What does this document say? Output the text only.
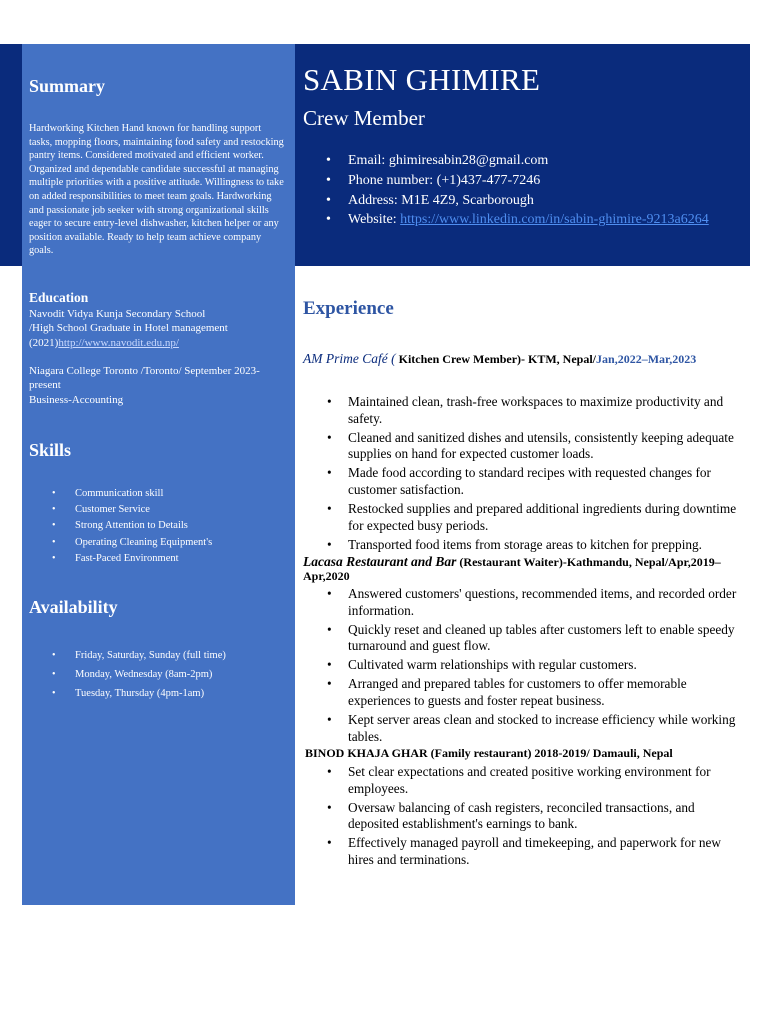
Summary
Hardworking Kitchen Hand known for handling support tasks, mopping floors, maintaining food safety and restocking pantry items. Considered motivated and efficient worker. Organized and dependable candidate successful at managing multiple priorities with a positive attitude. Willingness to take on added responsibilities to meet team goals. Hardworking and passionate job seeker with strong organizational skills eager to secure entry-level dishwasher, kitchen helper or any position available. Ready to help team achieve company goals.
Education
Navodit Vidya Kunja Secondary School
/High School Graduate in Hotel management
(2021)http://www.navodit.edu.np/
Niagara College Toronto /Toronto/ September 2023-present
Business-Accounting
Skills
• Communication skill
• Customer Service
• Strong Attention to Details
• Operating Cleaning Equipment's
• Fast-Paced Environment
Availability
• Friday, Saturday, Sunday (full time)
• Monday, Wednesday (8am-2pm)
• Tuesday, Thursday (4pm-1am)
SABIN GHIMIRE
Crew Member
• Email: ghimiresabin28@gmail.com
• Phone number: (+1)437-477-7246
• Address: M1E 4Z9, Scarborough
• Website: https://www.linkedin.com/in/sabin-ghimire-9213a6264
Experience
AM Prime Café ( Kitchen Crew Member)- KTM, Nepal/Jan,2022–Mar,2023
• Maintained clean, trash-free workspaces to maximize productivity and safety.
• Cleaned and sanitized dishes and utensils, consistently keeping adequate supplies on hand for expected customer loads.
• Made food according to standard recipes with requested changes for customer satisfaction.
• Restocked supplies and prepared additional ingredients during downtime for expected busy periods.
• Transported food items from storage areas to kitchen for prepping.
Lacasa Restaurant and Bar (Restaurant Waiter)-Kathmandu, Nepal/Apr,2019–Apr,2020
• Answered customers' questions, recommended items, and recorded order information.
• Quickly reset and cleaned up tables after customers left to enable speedy turnaround and guest flow.
• Cultivated warm relationships with regular customers.
• Arranged and prepared tables for customers to offer memorable experiences to guests and foster repeat business.
• Kept server areas clean and stocked to increase efficiency while working tables.
BINOD KHAJA GHAR (Family restaurant) 2018-2019/ Damauli, Nepal
• Set clear expectations and created positive working environment for employees.
• Oversaw balancing of cash registers, reconciled transactions, and deposited establishment's earnings to bank.
• Effectively managed payroll and timekeeping, and paperwork for new hires and terminations.
